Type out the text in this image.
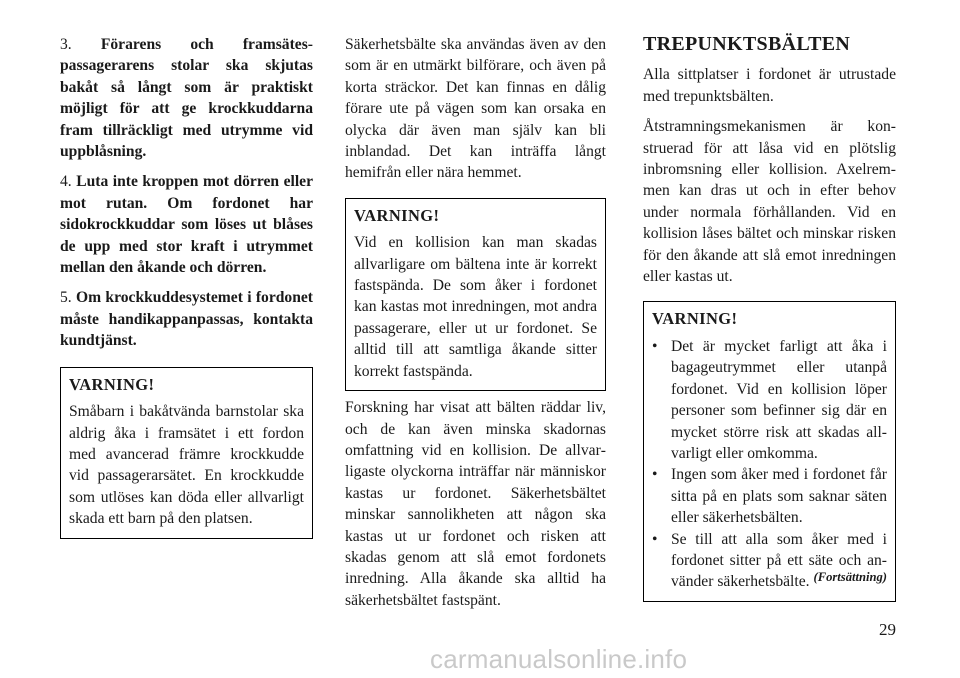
3. Förarens och framsätespassagerarens stolar ska skjutas bakåt så långt som är praktiskt möjligt för att ge krockkuddarna fram tillräckligt med utrymme vid uppblåsning.

4. Luta inte kroppen mot dörren eller mot rutan. Om fordonet har sidokrockkuddar som löses ut blåses de upp med stor kraft i utrymmet mellan den åkande och dörren.

5. Om krockkuddesystemet i fordonet måste handikappanpassas, kontakta kundtjänst.

VARNING!

Småbarn i bakåtvända barnstolar ska aldrig åka i framsätet i ett fordon med avancerad främre krockkudde vid passagerarsätet. En krockkudde som utlöses kan döda eller allvarligt skada ett barn på den platsen.

Säkerhetsbälte ska användas även av den som är en utmärkt bilförare, och även på korta sträckor. Det kan finnas en dålig förare ute på vägen som kan orsaka en olycka där även man själv kan bli inblandad. Det kan inträffa långt hemifrån eller nära hemmet.

VARNING!

Vid en kollision kan man skadas allvarligare om bältena inte är korrekt fastspända. De som åker i fordonet kan kastas mot inredningen, mot andra passagerare, eller ut ur fordonet. Se alltid till att samtliga åkande sitter korrekt fastspända.

Forskning har visat att bälten räddar liv, och de kan även minska skadornas omfattning vid en kollision. De allvarligaste olyckorna inträffar när människor kastas ur fordonet. Säkerhetsbältet minskar sannolikheten att någon ska kastas ut ur fordonet och risken att skadas genom att slå emot fordonets inredning. Alla åkande ska alltid ha säkerhetsbältet fastspänt.

TREPUNKTSBÄLTEN

Alla sittplatser i fordonet är utrustade med trepunktsbälten.

Åtstramningsmekanismen är konstruerad för att låsa vid en plötslig inbromsning eller kollision. Axelremmen kan dras ut och in efter behov under normala förhållanden. Vid en kollision låses bältet och minskar risken för den åkande att slå emot inredningen eller kastas ut.

VARNING!
• Det är mycket farligt att åka i bagageutrymmet eller utanpå fordonet. Vid en kollision löper personer som befinner sig där en mycket större risk att skadas allvarligt eller omkomma.
• Ingen som åker med i fordonet får sitta på en plats som saknar säten eller säkerhetsbälten.
• Se till att alla som åker med i fordonet sitter på ett säte och använder säkerhetsbälte. (Fortsättning)
29
carmanualsonline.info
